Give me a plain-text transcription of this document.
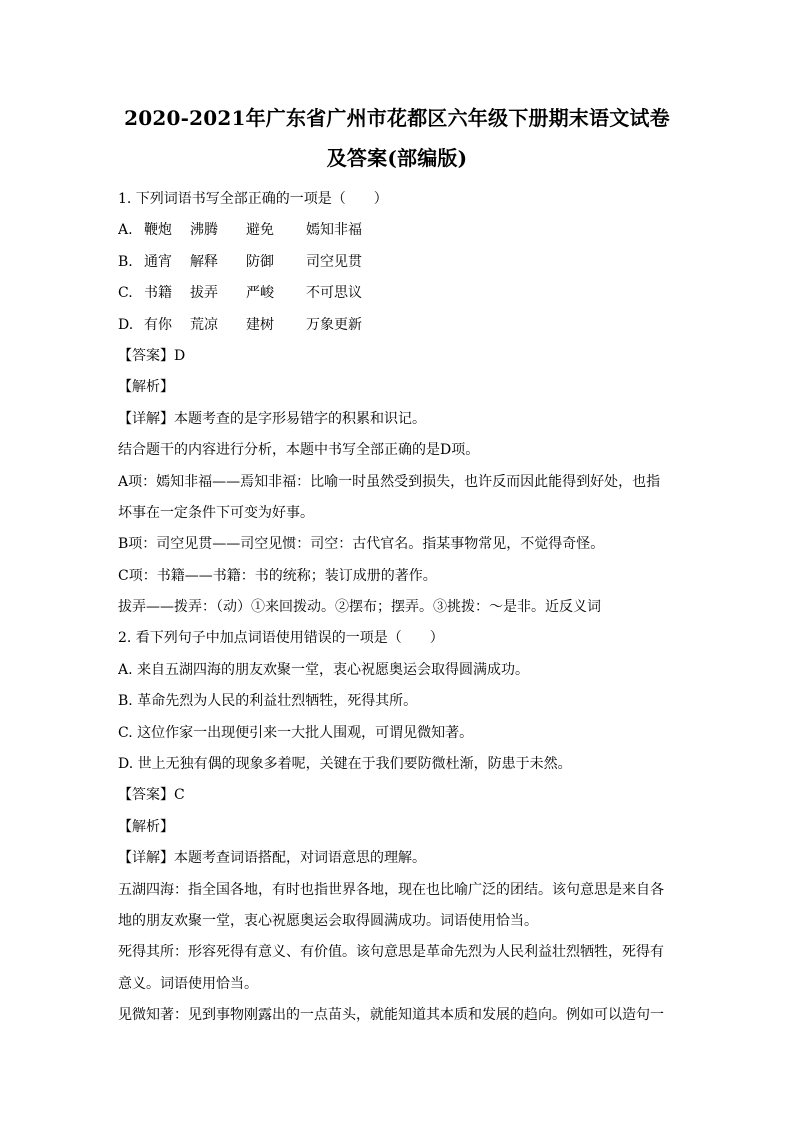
2020-2021年广东省广州市花都区六年级下册期末语文试卷
及答案(部编版)
1. 下列词语书写全部正确的一项是（　　）
A. 鞭炮	沸腾	避免	嫣知非福
B. 通宵	解释	防御	司空见贯
C. 书籍	拔弄	严峻	不可思议
D. 有你	荒凉	建树	万象更新
【答案】D
【解析】
【详解】本题考查的是字形易错字的积累和识记。
结合题干的内容进行分析，本题中书写全部正确的是D项。
A项：嫣知非福——焉知非福：比喻一时虽然受到损失，也许反而因此能得到好处，也指
坏事在一定条件下可变为好事。
B项：司空见贯——司空见惯：司空：古代官名。指某事物常见，不觉得奇怪。
C项：书籍——书籍：书的统称；装订成册的著作。
拔弄——拨弄：（动）①来回拨动。②摆布；摆弄。③挑拨：～是非。近反义词
2. 看下列句子中加点词语使用错误的一项是（　　）
A. 来自五湖四海的朋友欢聚一堂，衷心祝愿奥运会取得圆满成功。
B. 革命先烈为人民的利益壮烈牺牲，死得其所。
C. 这位作家一出现便引来一大批人围观，可谓见微知著。
D. 世上无独有偶的现象多着呢，关键在于我们要防微杜渐，防患于未然。
【答案】C
【解析】
【详解】本题考查词语搭配，对词语意思的理解。
五湖四海：指全国各地，有时也指世界各地，现在也比喻广泛的团结。该句意思是来自各
地的朋友欢聚一堂，衷心祝愿奥运会取得圆满成功。词语使用恰当。
死得其所：形容死得有意义、有价值。该句意思是革命先烈为人民利益壮烈牺牲，死得有
意义。词语使用恰当。
见微知著：见到事物刚露出的一点苗头，就能知道其本质和发展的趋向。例如可以造句一
